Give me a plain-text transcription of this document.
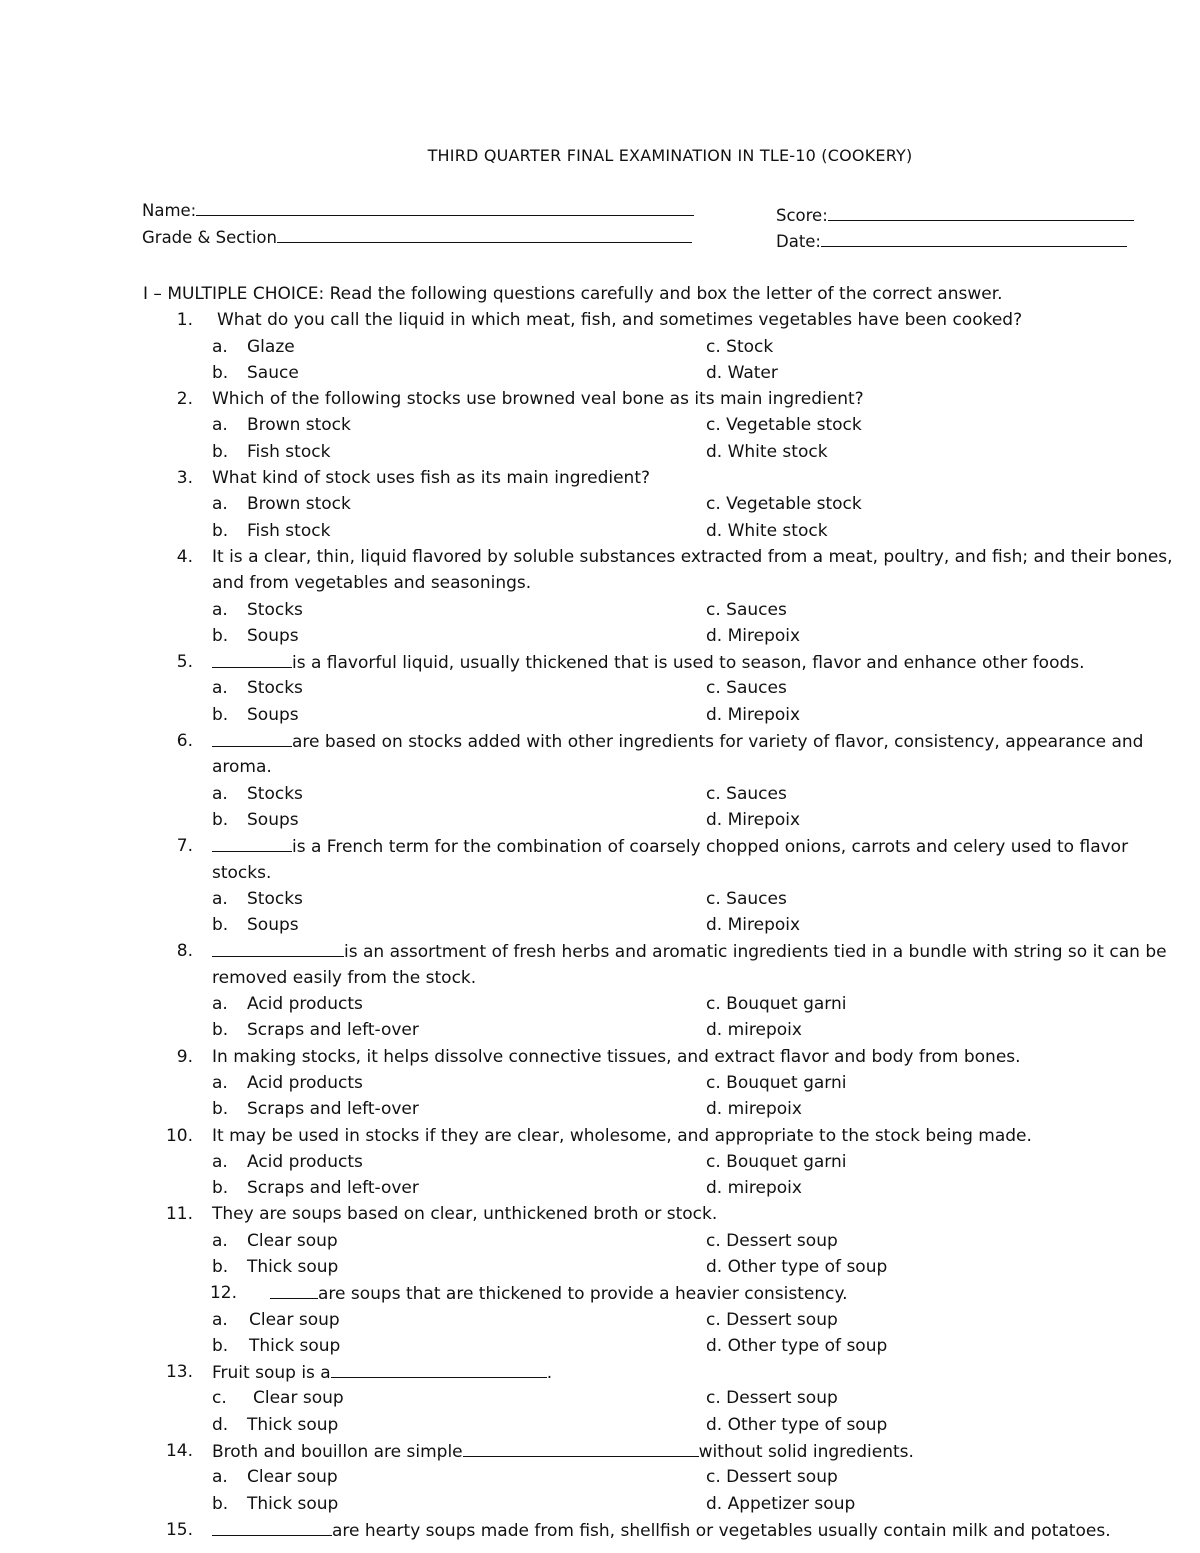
THIRD QUARTER FINAL EXAMINATION IN TLE-10 (COOKERY)
Name:
Grade & Section
Score:
Date:
I – MULTIPLE CHOICE: Read the following questions carefully and box the letter of the correct answer.
1. What do you call the liquid in which meat, fish, and sometimes vegetables have been cooked?
a. Glaze	c. Stock
b. Sauce	d. Water
2. Which of the following stocks use browned veal bone as its main ingredient?
a. Brown stock	c. Vegetable stock
b. Fish stock	d. White stock
3. What kind of stock uses fish as its main ingredient?
a. Brown stock	c. Vegetable stock
b. Fish stock	d. White stock
4. It is a clear, thin, liquid flavored by soluble substances extracted from a meat, poultry, and fish; and their bones,
and from vegetables and seasonings.
a. Stocks	c. Sauces
b. Soups	d. Mirepoix
5.	is a flavorful liquid, usually thickened that is used to season, flavor and enhance other foods.
a. Stocks	c. Sauces
b. Soups	d. Mirepoix
6.	are based on stocks added with other ingredients for variety of flavor, consistency, appearance and
aroma.
a. Stocks	c. Sauces
b. Soups	d. Mirepoix
7.	is a French term for the combination of coarsely chopped onions, carrots and celery used to flavor
stocks.
a. Stocks	c. Sauces
b. Soups	d. Mirepoix
8.	is an assortment of fresh herbs and aromatic ingredients tied in a bundle with string so it can be
removed easily from the stock.
a. Acid products	c. Bouquet garni
b. Scraps and left-over	d. mirepoix
9. In making stocks, it helps dissolve connective tissues, and extract flavor and body from bones.
a. Acid products	c. Bouquet garni
b. Scraps and left-over	d. mirepoix
10. It may be used in stocks if they are clear, wholesome, and appropriate to the stock being made.
a. Acid products	c. Bouquet garni
b. Scraps and left-over	d. mirepoix
11. They are soups based on clear, unthickened broth or stock.
a. Clear soup	c. Dessert soup
b. Thick soup	d. Other type of soup
12.	are soups that are thickened to provide a heavier consistency.
a. Clear soup	c. Dessert soup
b. Thick soup	d. Other type of soup
13. Fruit soup is a	.
c. Clear soup	c. Dessert soup
d. Thick soup	d. Other type of soup
14. Broth and bouillon are simple	without solid ingredients.
a. Clear soup	c. Dessert soup
b. Thick soup	d. Appetizer soup
15.	are hearty soups made from fish, shellfish or vegetables usually contain milk and potatoes.
